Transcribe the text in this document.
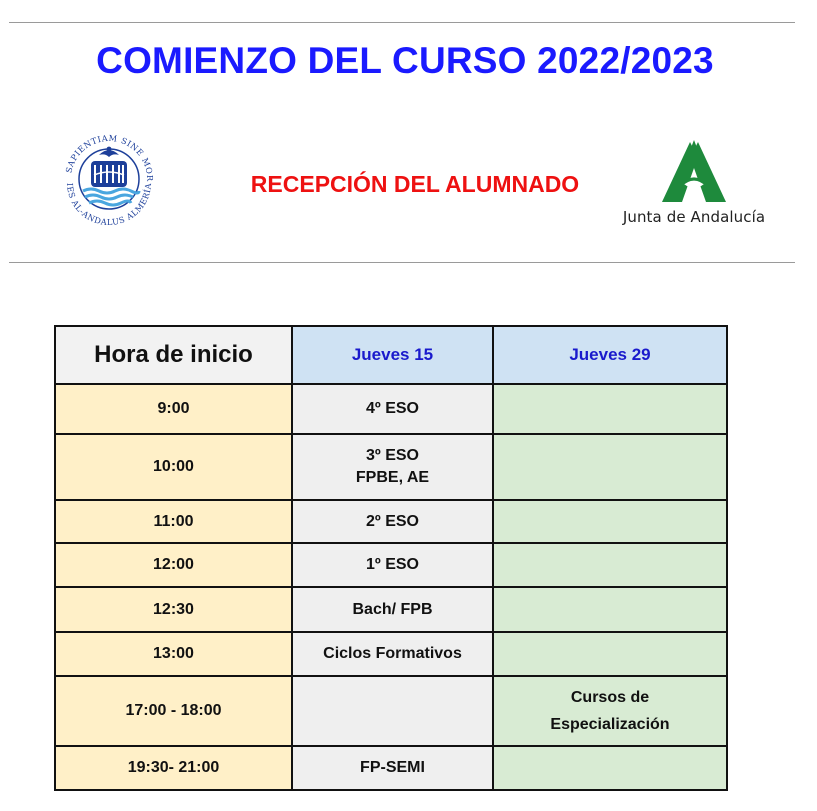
COMIENZO DEL CURSO 2022/2023
SAPIENTIAM SINE MOR
IES AL-ANDALUS ALMERÍA	RECEPCIÓN DEL ALUMNADO
Junta de Andalucía
Hora de inicio	Jueves 15	Jueves 29
9:00	4º ESO	
10:00	3º ESO
FPBE, AE	

11:00	2º ESO	
12:00	1º ESO	
12:30	Bach/ FPB	
13:00	Ciclos Formativos	
17:00 - 18:00		Cursos de
Especialización

19:30- 21:00	FP-SEMI	
